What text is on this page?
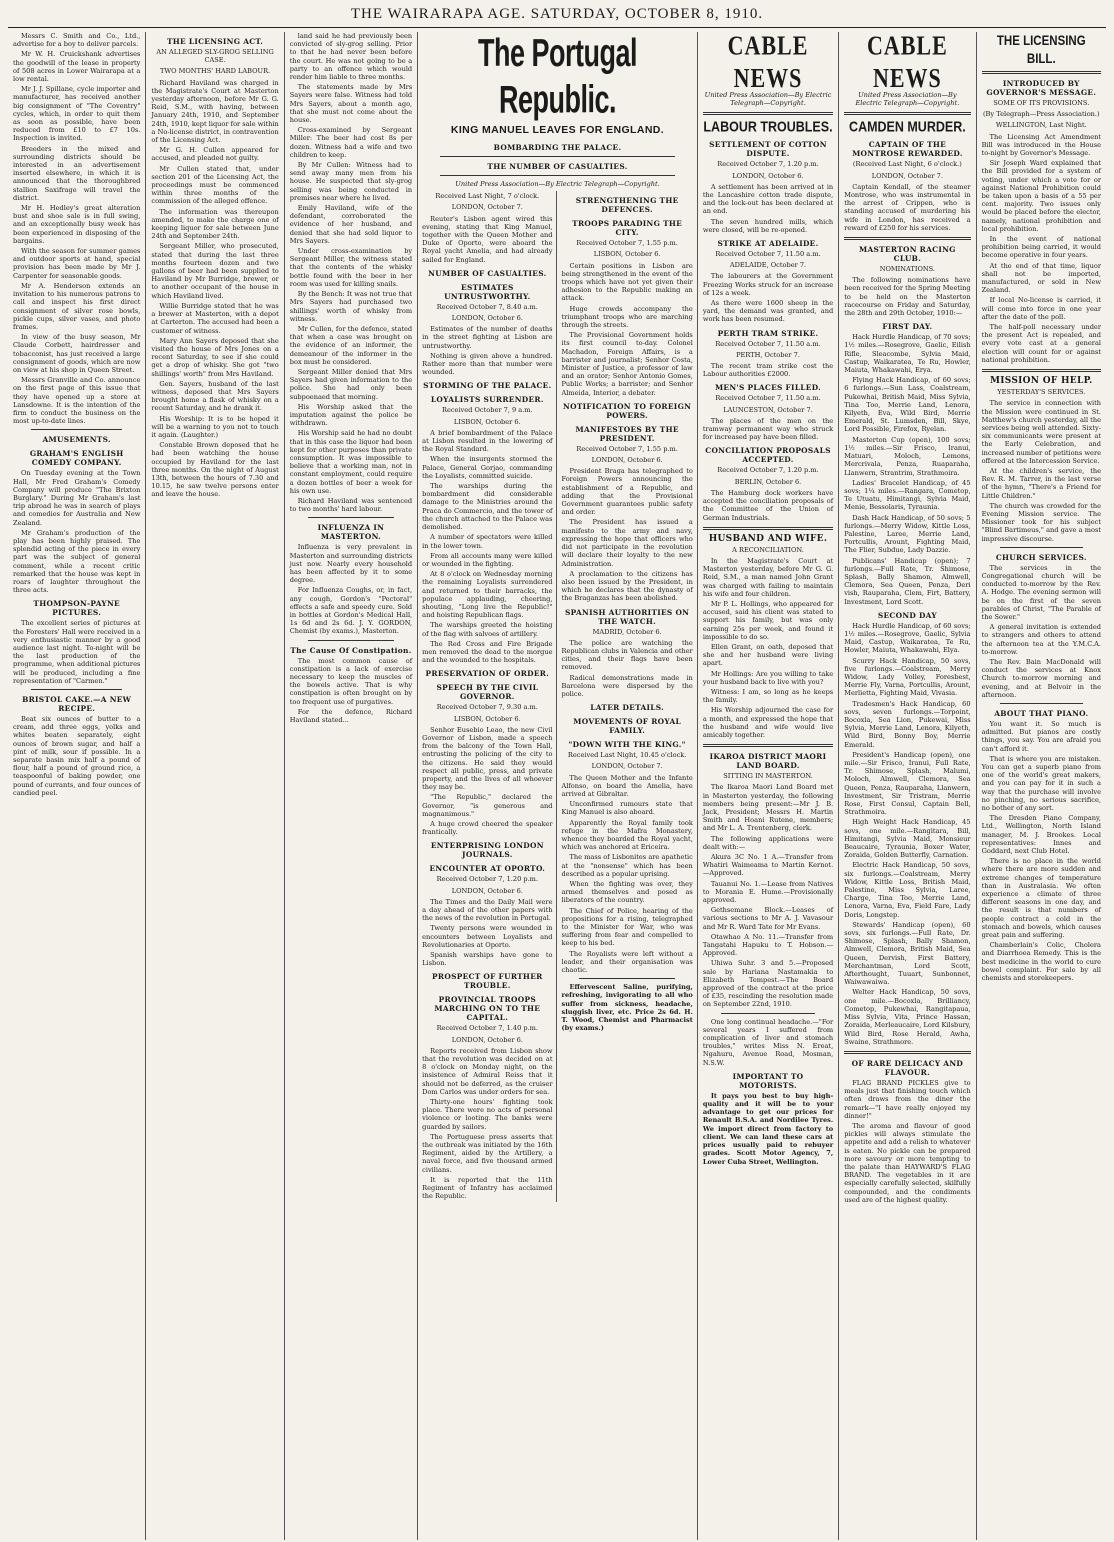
THE WAIRARAPA AGE. SATURDAY, OCTOBER 8, 1910.

Messrs C. Smith and Co., Ltd., advertise for a boy to deliver parcels.

Mr W. H. Cruickshank advertises the goodwill of the lease in property of 508 acres in Lower Wairarapa at a low rental.

Mr J. J. Spillane, cycle importer and manufacturer, has received another big consignment of "The Coventry" cycles, which, in order to quit them as soon as possible, have been reduced from £10 to £7 10s. Inspection is invited.

Breeders in the mixed and surrounding districts should be interested in an advertisement inserted elsewhere, in which it is announced that the thoroughbred stallion Saxifrage will travel the district.

Mr H. Hedley's great alteration bust and shoe sale is in full swing, and an exceptionally busy week has been experienced in disposing of the bargains.

With the season for summer games and outdoor sports at hand, special provision has been made by Mr J. Carpenter for seasonable goods.

Mr A. Henderson extends an invitation to his numerous patrons to call and inspect his first direct consignment of silver rose bowls, pickle cups, silver vases, and photo frames.

In view of the busy season, Mr Claude Corbett, hairdresser and tobacconist, has just received a large consignment of goods, which are now on view at his shop in Queen Street.

Messrs Granville and Co. announce on the first page of this issue that they have opened up a store at Lansdowne. It is the intention of the firm to conduct the business on the most up-to-date lines.

AMUSEMENTS.
GRAHAM'S ENGLISH COMEDY COMPANY.

On Tuesday evening at the Town Hall, Mr Fred Graham's Comedy Company will produce "The Brixton Burglary." During Mr Graham's last trip abroad he was in search of plays and comedies for Australia and New Zealand.

Mr Graham's production of the play has been highly praised. The splendid acting of the piece in every part was the subject of general comment, while a recent critic remarked that the house was kept in roars of laughter throughout the three acts.

THOMPSON-PAYNE PICTURES.

The excellent series of pictures at the Foresters' Hall were received in a very enthusiastic manner by a good audience last night. To-night will be the last production of the programme, when additional pictures will be produced, including a fine representation of "Carmen."

BRISTOL CAKE.—A NEW RECIPE.

Beat six ounces of butter to a cream, add three eggs, yolks and whites beaten separately, eight ounces of brown sugar, and half a pint of milk, sour if possible. In a separate basin mix half a pound of flour, half a pound of ground rice, a teaspoonful of baking powder, one pound of currants, and four ounces of candied peel.

THE LICENSING ACT.
AN ALLEGED SLY-GROG SELLING CASE.
TWO MONTHS' HARD LABOUR.

Richard Haviland was charged in the Magistrate's Court at Masterton yesterday afternoon, before Mr G. G. Reid, S.M., with having, between January 24th, 1910, and September 24th, 1910, kept liquor for sale within a No-license district, in contravention of the Licensing Act.

Mr G. H. Cullen appeared for accused, and pleaded not guilty.

Mr Cullen stated that, under section 201 of the Licensing Act, the proceedings must be commenced within three months of the commission of the alleged offence.

The information was thereupon amended, to make the charge one of keeping liquor for sale between June 24th and September 24th.

Sergeant Miller, who prosecuted, stated that during the last three months fourteen dozen and two gallons of beer had been supplied to Haviland by Mr Burridge, brewer, or to another occupant of the house in which Haviland lived.

Willie Burridge stated that he was a brewer at Masterton, with a depot at Carterton. The accused had been a customer of witness.

Mary Ann Sayers deposed that she visited the house of Mrs Jones on a recent Saturday, to see if she could get a drop of whisky. She got "two shillings' worth" from Mrs Haviland.

Gen. Sayers, husband of the last witness, deposed that Mrs Sayers brought home a flask of whisky on a recent Saturday, and he drank it.

His Worship: It is to be hoped it will be a warning to you not to touch it again. (Laughter.)

Constable Brown deposed that he had been watching the house occupied by Haviland for the last three months. On the night of August 13th, between the hours of 7.30 and 10.15, he saw twelve persons enter and leave the house.

land said he had previously been convicted of sly-grog selling. Prior to that he had never been before the court. He was not going to be a party to an offence which would render him liable to three months.

The statements made by Mrs Sayers were false. Witness had told Mrs Sayers, about a month ago, that she must not come about the house.

Cross-examined by Sergeant Miller: The beer had cost 8s per dozen. Witness had a wife and two children to keep.

By Mr Cullen: Witness had to send away many men from his house. He suspected that sly-grog selling was being conducted in premises near where he lived.

Emily Haviland, wife of the defendant, corroborated the evidence of her husband, and denied that she had sold liquor to Mrs Sayers.

Under cross-examination by Sergeant Miller, the witness stated that the contents of the whisky bottle found with the beer in her room was used for killing snails.

By the Bench: It was not true that Mrs Sayers had purchased two shillings' worth of whisky from witness.

Mr Cullen, for the defence, stated that when a case was brought on the evidence of an informer, the demeanour of the informer in the box must be considered.

Sergeant Miller denied that Mrs Sayers had given information to the police. She had only been subpoenaed that morning.

His Worship asked that the imputation against the police be withdrawn.

His Worship said he had no doubt that in this case the liquor had been kept for other purposes than private consumption. It was impossible to believe that a working man, not in constant employment, could require a dozen bottles of beer a week for his own use.

Richard Haviland was sentenced to two months' hard labour.

INFLUENZA IN MASTERTON.

Influenza is very prevalent in Masterton and surrounding districts just now. Nearly every household has been affected by it to some degree.

For Influenza Coughs, or, in fact, any cough, Gordon's "Pectoral" effects a safe and speedy cure. Sold in bottles at Gordon's Medical Hall, 1s 6d and 2s 6d. J. Y. GORDON, Chemist (by exams.), Masterton.

The Cause Of Constipation.

The most common cause of constipation is a lack of exercise necessary to keep the muscles of the bowels active. That is why constipation is often brought on by too frequent use of purgatives.

For the defence, Richard Haviland stated...

The Portugal Republic.
KING MANUEL LEAVES FOR ENGLAND.
BOMBARDING THE PALACE.
THE NUMBER OF CASUALTIES.
United Press Association—By Electric Telegraph—Copyright.
Received Last Night, 7 o'clock.
LONDON, October 7.

Reuter's Lisbon agent wired this evening, stating that King Manuel, together with the Queen Mother and Duke of Oporto, were aboard the Royal yacht Amelia, and had already sailed for England.

NUMBER OF CASUALTIES.
ESTIMATES UNTRUSTWORTHY.
Received October 7, 8.40 a.m.
LONDON, October 6.

Estimates of the number of deaths in the street fighting at Lisbon are untrustworthy.

Nothing is given above a hundred. Rather more than that number were wounded.

STORMING OF THE PALACE.
LOYALISTS SURRENDER.
Received October 7, 9 a.m.
LISBON, October 6.

A brief bombardment of the Palace at Lisbon resulted in the lowering of the Royal Standard.

When the insurgents stormed the Palace, General Gorjao, commanding the Loyalists, committed suicide.

The warships during the bombardment did considerable damage to the Ministries around the Praca do Commercio, and the tower of the church attached to the Palace was demolished.

A number of spectators were killed in the lower town.

From all accounts many were killed or wounded in the fighting.

At 8 o'clock on Wednesday morning the remaining Loyalists surrendered and returned to their barracks, the populace applauding, cheering, shouting, "Long live the Republic!" and hoisting Republican flags.

The warships greeted the hoisting of the flag with salvoes of artillery.

The Red Cross and Fire Brigade men removed the dead to the morgue and the wounded to the hospitals.

PRESERVATION OF ORDER.
SPEECH BY THE CIVIL GOVERNOR.
Received October 7, 9.30 a.m.
LISBON, October 6.

Senhor Eusebio Leao, the new Civil Governor of Lisbon, made a speech from the balcony of the Town Hall, entrusting the policing of the city to the citizens. He said they would respect all public, press, and private property, and the lives of all whoever they may be.

"The Republic," declared the Governor, "is generous and magnanimous."

A huge crowd cheered the speaker frantically.

ENTERPRISING LONDON JOURNALS.
ENCOUNTER AT OPORTO.
Received October 7, 1.20 p.m.
LONDON, October 6.

The Times and the Daily Mail were a day ahead of the other papers with the news of the revolution in Portugal.

Twenty persons were wounded in encounters between Loyalists and Revolutionaries at Oporto.

Spanish warships have gone to Lisbon.

PROSPECT OF FURTHER TROUBLE.
PROVINCIAL TROOPS MARCHING ON TO THE CAPITAL.
Received October 7, 1.40 p.m.
LONDON, October 6.

Reports received from Lisbon show that the revolution was decided on at 8 o'clock on Monday night, on the insistence of Admiral Reiss that it should not be deferred, as the cruiser Dom Carlos was under orders for sea.

Thirty-one hours' fighting took place. There were no acts of personal violence or looting. The banks were guarded by sailors.

The Portuguese press asserts that the outbreak was initiated by the 16th Regiment, aided by the Artillery, a naval force, and five thousand armed civilians.

It is reported that the 11th Regiment of Infantry has acclaimed the Republic.

STRENGTHENING THE DEFENCES.
TROOPS PARADING THE CITY.
Received October 7, 1.55 p.m.
LISBON, October 6.

Certain positions in Lisbon are being strengthened in the event of the troops which have not yet given their adhesion to the Republic making an attack.

Huge crowds accompany the triumphant troops who are marching through the streets.

The Provisional Government holds its first council to-day. Colonel Machadon, Foreign Affairs, is a barrister and journalist; Senhor Costa, Minister of Justice, a professor of law and an orator; Senhor Antonio Gomes, Public Works; a barrister; and Senhor Almeida, Interior, a debater.

NOTIFICATION TO FOREIGN POWERS.
MANIFESTOES BY THE PRESIDENT.
Received October 7, 1.55 p.m.
LONDON, October 6.

President Braga has telegraphed to Foreign Powers announcing the establishment of a Republic, and adding that the Provisional Government guarantees public safety and order.

The President has issued a manifesto to the army and navy, expressing the hope that officers who did not participate in the revolution will declare their loyalty to the new Administration.

A proclamation to the citizens has also been issued by the President, in which he declares that the dynasty of the Braganzas has been abolished.

SPANISH AUTHORITIES ON THE WATCH.
MADRID, October 6.

The police are watching the Republican clubs in Valencia and other cities, and their flags have been removed.

Radical demonstrations made in Barcelona were dispersed by the police.

LATER DETAILS.
MOVEMENTS OF ROYAL FAMILY.
"DOWN WITH THE KING."
Received Last Night, 10.45 o'clock.
LONDON, October 7.

The Queen Mother and the Infante Alfonso, on board the Amelia, have arrived at Gibraltar.

Unconfirmed rumours state that King Manuel is also aboard.

Apparently the Royal family took refuge in the Mafra Monastery, whence they boarded the Royal yacht, which was anchored at Ericeira.

The mass of Lisbonites are apathetic at the "nonsense" which has been described as a popular uprising.

When the fighting was over, they armed themselves and posed as liberators of the country.

The Chief of Police, hearing of the propositions for a rising, telegraphed to the Minister for War, who was suffering from fear and compelled to keep to his bed.

The Royalists were left without a leader, and their organisation was chaotic.

Effervescent Saline, purifying, refreshing, invigorating to all who suffer from sickness, headache, sluggish liver, etc. Price 2s 6d. H. T. Wood, Chemist and Pharmacist (by exams.)

CABLE NEWS
United Press Association—By Electric Telegraph—Copyright.
LABOUR TROUBLES.
SETTLEMENT OF COTTON DISPUTE.
Received October 7, 1.20 p.m.
LONDON, October 6.

A settlement has been arrived at in the Lancashire cotton trade dispute, and the lock-out has been declared at an end.

The seven hundred mills, which were closed, will be re-opened.

STRIKE AT ADELAIDE.
Received October 7, 11.50 a.m.
ADELAIDE, October 7.

The labourers at the Government Freezing Works struck for an increase of 12s a week.

As there were 1600 sheep in the yard, the demand was granted, and work has been resumed.

PERTH TRAM STRIKE.
Received October 7, 11.50 a.m.
PERTH, October 7.

The recent tram strike cost the Labour authorities £2000.

MEN'S PLACES FILLED.
Received October 7, 11.50 a.m.
LAUNCESTON, October 7.

The places of the men on the tramway permanent way who struck for increased pay have been filled.

CONCILIATION PROPOSALS ACCEPTED.
Received October 7, 1.20 p.m.
BERLIN, October 6.

The Hamburg dock workers have accepted the conciliation proposals of the Committee of the Union of German Industrials.

HUSBAND AND WIFE.
A RECONCILIATION.

In the Magistrate's Court at Masterton yesterday, before Mr G. G. Reid, S.M., a man named John Grant was charged with failing to maintain his wife and four children.

Mr P. L. Hollings, who appeared for accused, said his client was stated to support his family, but was only earning 25s per week, and found it impossible to do so.

Ellen Grant, on oath, deposed that she and her husband were living apart.

Mr Hollings: Are you willing to take your husband back to live with you?

Witness: I am, so long as he keeps the family.

His Worship adjourned the case for a month, and expressed the hope that the husband and wife would live amicably together.

IKAROA DISTRICT MAORI LAND BOARD.
SITTING IN MASTERTON.

The Ikaroa Maori Land Board met in Masterton yesterday, the following members being present:—Mr J. B. Jack, President; Messrs H. Martin Smith and Hoani Rutene, members; and Mr L. A. Trentenberg, clerk.

The following applications were dealt with:—

Akura 3C No. 1 A.—Transfer from Whatiri Waimeama to Martin Kernot.—Approved.

Tauanui No. 1.—Lease from Natives to Morania E. Hume.—Provisionally approved.

Gethsemane Block.—Leases of various sections to Mr A. J. Vavasour and Mr R. Ward Tate for Mr Evans.

Otawhao A No. 11.—Transfer from Tangatahi Hapuku to T. Hobson.—Approved.

Uhiwa Suhr. 3 and 5.—Proposed sale by Hariana Nastamakia to Elizabeth Tempest.—The Board approved of the contract at the price of £35, rescinding the resolution made on September 22nd, 1910.

One long continual headache.—"For several years I suffered from complication of liver and stomach troubles," writes Miss N. Ereat, Ngahuru, Avenue Road, Mosman, N.S.W.

IMPORTANT TO MOTORISTS.

It pays you best to buy high-quality and it will be to your advantage to get our prices for Renault B.S.A. and Nordilee Tyres. We import direct from factory to client. We can land these cars at prices usually paid to rebuyer grades. Scott Motor Agency, 7, Lower Cuba Street, Wellington.

CABLE NEWS
United Press Association—By Electric Telegraph—Copyright.
CAMDEN MURDER.
CAPTAIN OF THE MONTROSE REWARDED.
(Received Last Night, 6 o'clock.)
LONDON, October 7.

Captain Kendall, of the steamer Montrose, who was instrumental in the arrest of Crippen, who is standing accused of murdering his wife in London, has received a reward of £250 for his services.

MASTERTON RACING CLUB.
NOMINATIONS.

The following nominations have been received for the Spring Meeting to be held on the Masterton racecourse on Friday and Saturday, the 28th and 29th October, 1910:—

FIRST DAY.

Hack Hurdle Handicap, of 70 sovs; 1½ miles.—Rosegrove, Gaelic, Eilish Rifle, Sleacombe, Sylvia Maid, Castup, Waikaratea, Te Ru, Howler, Maiuta, Whakawahi, Erya.

Flying Hack Handicap, of 60 sovs; 6 furlongs.—Sun Lass, Coalstream, Pukewhai, British Maid, Miss Sylvia, Tina Too, Merrie Land, Lenora, Kilyeth, Eva, Wild Bird, Merrie Emerald, St. Lumsden, Bill, Skye, Lord Possible, Firefox, Ryelan.

Masterton Cup (open), 100 sovs; 1½ miles.—Sir Frisco, Iranui, Matuari, Moloch, Lemons, Mercrivala, Penza, Ruaparaha, Llanwern, Strantrim, Strathmoira.

Ladies' Bracelet Handicap, of 45 sovs; 1¼ miles.—Rangara, Cometop, Te Utuatu, Himitangi, Sylvia Maid, Menie, Bessolaris, Tyraunia.

Dash Hack Handicap, of 50 sovs; 5 furlongs.—Merry Widow, Kittle Loss, Palestine, Laree, Merrie Land, Portcullis, Arount, Fighting Maid, The Flier, Subdue, Lady Dazzie.

Publicans' Handicap (open); 7 furlongs.—Full Rate, Tr. Shimose, Splash, Bally Shamon, Almwell, Clemora, Sea Queen, Penza, Deri vish, Rauparaha, Clem, Firt, Battery, Investment, Lord Scott.

SECOND DAY

Hack Hurdle Handicap, of 60 sovs; 1½ miles.—Rosegrove, Gaelic, Sylvia Maid, Castup, Waikaratea, Te Ru, Howler, Maiuta, Whakawahi, Elya.

Scurry Hack Handicap, 50 sovs, five furlongs.—Coalstream, Merry Widow, Lady Volley, Foresbest, Merrie Fly, Varna, Portcullis, Arount, Merlietta, Fighting Maid, Vivasia.

Tradesmen's Hack Handicap, 60 sovs, seven furlongs.—Torpoint, Bocoxla, Sea Lion, Pukewai, Miss Sylvia, Merrie Land, Lenora, Kilyeth, Wild Bird, Bonny Boy, Merrie Emerald.

President's Handicap (open), one mile.—Sir Frisco, Iranui, Full Rate, Tr. Shimose, Splash, Malumi, Moloch, Almwell, Clemora, Sea Queen, Penza, Rauparaha, Llanwern, Investment, Sir Tristram, Merrie Rose, First Consul, Captain Bell, Strathmoira.

High Weight Hack Handicap, 45 sovs, one mile.—Rangitara, Bill, Himitangi, Sylvia Maid, Monsieur Beaucaire, Tyraunia, Boxer Water, Zoraida, Golden Butterfly, Carnation.

Electric Hack Handicap, 50 sovs, six furlongs.—Coalstream, Merry Widow, Kittle Loss, British Maid, Palestine, Miss Sylvia, Laree, Charge, Tina Too, Merrie Land, Lenora, Varna, Eva, Field Fare, Lady Doris, Longstep.

Stewards' Handicap (open), 60 sovs, six furlongs.—Full Rate, Dr. Shimose, Splash, Bally Shamon, Almwell, Clemora, British Maid, Sea Queen, Dervish, First Battery, Merchantman, Lord Scott, Afterthought, Tuuart, Sunbonnet, Waiwawaiwa.

Welter Hack Handicap, 50 sovs, one mile.—Bocoxla, Brilliancy, Cometop, Pukewhai, Rangitapaua, Miss Sylvia, Vita, Prince Hassan, Zoraida, Merleaucaire, Lord Kilsbury, Wild Bird, Rose Herald, Awha, Swaine, Strathmore.

OF RARE DELICACY AND FLAVOUR.

FLAG BRAND PICKLES give to meals just that finishing touch which often draws from the diner the remark—"I have really enjoyed my dinner!"

The aroma and flavour of good pickles will always stimulate the appetite and add a relish to whatever is eaten. No pickle can be prepared more savoury or more tempting to the palate than HAYWARD'S FLAG BRAND. The vegetables in it are especially carefully selected, skilfully compounded, and the condiments used are of the highest quality.

THE LICENSING BILL.
INTRODUCED BY GOVERNOR'S MESSAGE.
SOME OF ITS PROVISIONS.
(By Telegraph—Press Association.)
WELLINGTON, Last Night.

The Licensing Act Amendment Bill was introduced in the House to-night by Governor's Message.

Sir Joseph Ward explained that the Bill provided for a system of voting, under which a vote for or against National Prohibition could be taken upon a basis of a 55 per cent. majority. Two issues only would be placed before the elector, namely, national prohibition and local prohibition.

In the event of national prohibition being carried, it would become operative in four years.

At the end of that time, liquor shall not be imported, manufactured, or sold in New Zealand.

If local No-license is carried, it will come into force in one year after the date of the poll.

The half-poll necessary under the present Act is repealed, and every vote cast at a general election will count for or against national prohibition.

MISSION OF HELP.
YESTERDAY'S SERVICES.

The service in connection with the Mission were continued in St. Matthew's church yesterday, all the services being well attended. Sixty-six communicants were present at the Early Celebration, and increased number of petitions were offered at the Intercession Service.

At the children's service, the Rev. R. M. Tarrer, in the last verse of the hymn, "There's a Friend for Little Children."

The church was crowded for the Evening Mission service. The Missioner took for his subject "Blind Bartimeus," and gave a most impressive discourse.

CHURCH SERVICES.

The services in the Congregational church will be conducted to-morrow by the Rev. A. Hodge. The evening sermon will be on the first of the seven parables of Christ, "The Parable of the Sower."

A general invitation is extended to strangers and others to attend the afternoon tea at the Y.M.C.A. to-morrow.

The Rev. Bain MacDonald will conduct the services at Knox Church to-morrow morning and evening, and at Belvoir in the afternoon.

ABOUT THAT PIANO.

You want it. So much is admitted. But pianos are costly things, you say. You are afraid you can't afford it.

That is where you are mistaken. You can get a superb piano from one of the world's great makers, and you can pay for it in such a way that the purchase will involve no pinching, no serious sacrifice, no bother of any sort.

The Dresden Piano Company, Ltd., Wellington, North Island manager, M. J. Brookes. Local representatives: Innes and Goddard, next Club Hotel.

There is no place in the world where there are more sudden and extreme changes of temperature than in Australasia. We often experience a climate of three different seasons in one day, and the result is that numbers of people contract a cold in the stomach and bowels, which causes great pain and suffering.

Chamberlain's Colic, Cholera and Diarrhoea Remedy. This is the best medicine in the world to cure bowel complaint. For sale by all chemists and storekeepers.
